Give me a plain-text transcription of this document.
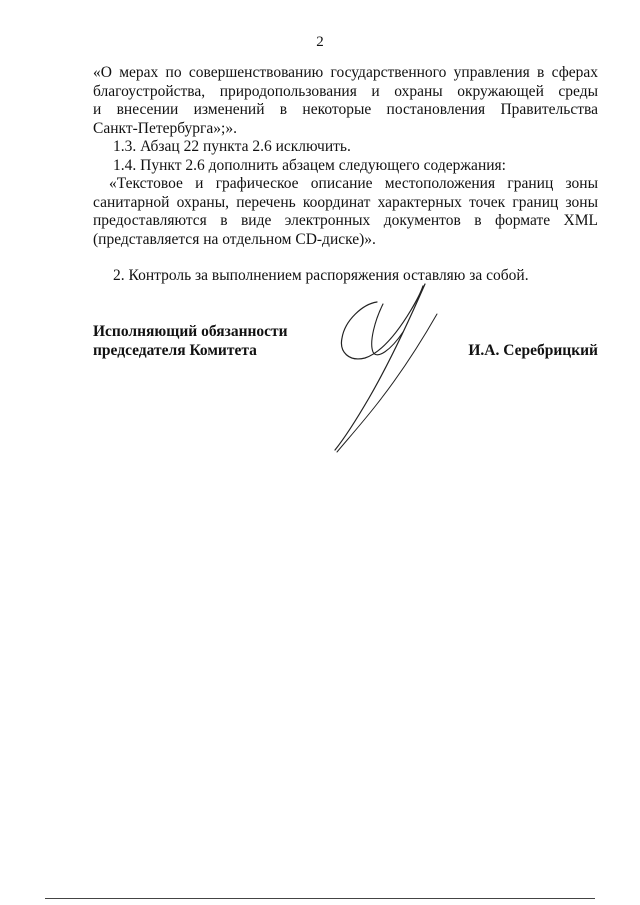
2
«О мерах по совершенствованию государственного управления в сферах
благоустройства, природопользования и охраны окружающей среды
и внесении изменений в некоторые постановления Правительства
Санкт-Петербурга»;».
1.3. Абзац 22 пункта 2.6 исключить.
1.4. Пункт 2.6 дополнить абзацем следующего содержания:
«Текстовое и графическое описание местоположения границ зоны
санитарной охраны, перечень координат характерных точек границ зоны
предоставляются в виде электронных документов в формате XML
(представляется на отдельном CD-диске)».
2. Контроль за выполнением распоряжения оставляю за собой.
Исполняющий обязанности
председателя Комитета	И.А. Серебрицкий
